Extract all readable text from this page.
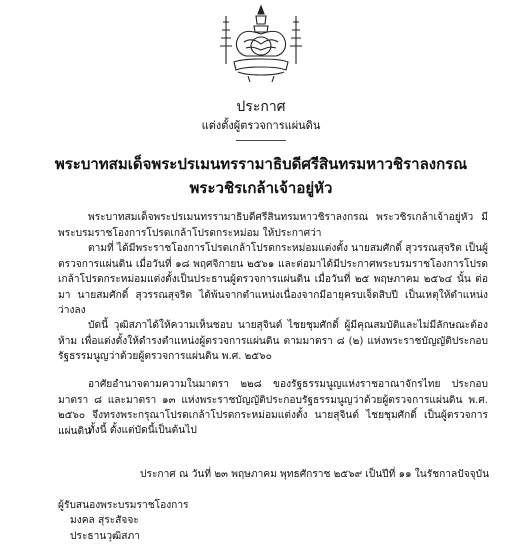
ประกาศ
แต่งตั้งผู้ตรวจการแผ่นดิน
พระบาทสมเด็จพระปรเมนทรรามาธิบดีศรีสินทรมหาวชิราลงกรณ
พระวชิรเกล้าเจ้าอยู่หัว
พระบาทสมเด็จพระปรเมนทรรามาธิบดีศรีสินทรมหาวชิราลงกรณ พระวชิรเกล้าเจ้าอยู่หัว มีพระบรมราชโองการโปรดเกล้าโปรดกระหม่อม ให้ประกาศว่า
ตามที่ ได้มีพระราชโองการโปรดเกล้าโปรดกระหม่อมแต่งตั้ง นายสมศักดิ์ สุวรรณสุจริต เป็นผู้ตรวจการแผ่นดิน เมื่อวันที่ ๑๘ พฤศจิกายน ๒๕๖๑ และต่อมาได้มีประกาศพระบรมราชโองการโปรดเกล้าโปรดกระหม่อมแต่งตั้งเป็นประธานผู้ตรวจการแผ่นดิน เมื่อวันที่ ๒๕ พฤษภาคม ๒๕๖๔ นั้น ต่อมา นายสมศักดิ์ สุวรรณสุจริต ได้พ้นจากตำแหน่งเนื่องจากมีอายุครบเจ็ดสิบปี เป็นเหตุให้ตำแหน่งว่างลง
บัดนี้ วุฒิสภาได้ให้ความเห็นชอบ นายสุจินต์ ไชยชุมศักดิ์ ผู้มีคุณสมบัติและไม่มีลักษณะต้องห้าม เพื่อแต่งตั้งให้ดำรงตำแหน่งผู้ตรวจการแผ่นดิน ตามมาตรา ๘ (๒) แห่งพระราชบัญญัติประกอบรัฐธรรมนูญว่าด้วยผู้ตรวจการแผ่นดิน พ.ศ. ๒๕๖๐
อาศัยอำนาจตามความในมาตรา ๒๒๘ ของรัฐธรรมนูญแห่งราชอาณาจักรไทย ประกอบมาตรา ๘ และมาตรา ๑๓ แห่งพระราชบัญญัติประกอบรัฐธรรมนูญว่าด้วยผู้ตรวจการแผ่นดิน พ.ศ. ๒๕๖๐ จึงทรงพระกรุณาโปรดเกล้าโปรดกระหม่อมแต่งตั้ง นายสุจินต์ ไชยชุมศักดิ์ เป็นผู้ตรวจการแผ่นดิน
ทั้งนี้ ตั้งแต่บัดนี้เป็นต้นไป
ประกาศ ณ วันที่ ๒๓ พฤษภาคม พุทธศักราช ๒๕๖๙ เป็นปีที่ ๑๑ ในรัชกาลปัจจุบัน
ผู้รับสนองพระบรมราชโองการ
มงคล สุระสัจจะ
ประธานวุฒิสภา
